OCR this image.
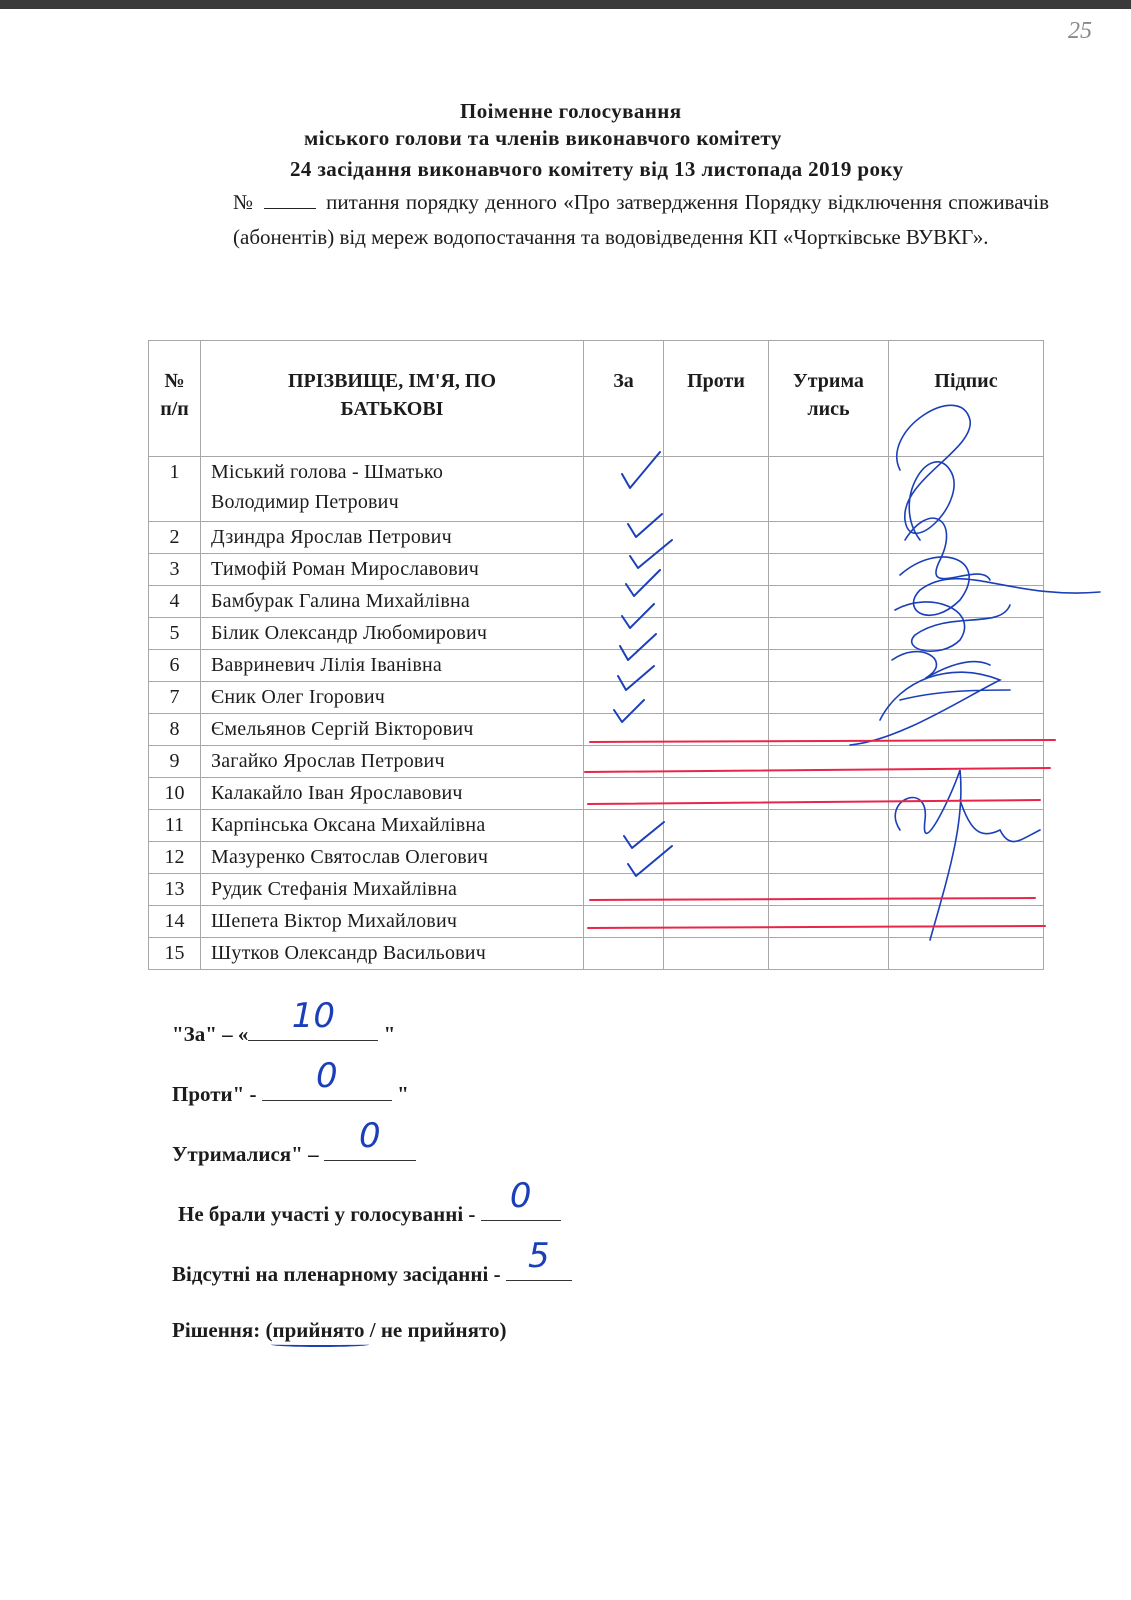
25
Поіменне голосування
міського голови та членів виконавчого комітету
24 засідання виконавчого комітету від 13 листопада 2019 року
№	питання порядку денного «Про затвердження Порядку відключення споживачів (абонентів) від мереж водопостачання та водовідведення КП «Чортківське ВУВКГ».
№ п/п	ПРІЗВИЩЕ, ІМ'Я, ПО БАТЬКОВІ	За	Проти	Утрима лись	Підпис
1	Міський голова - Шматько Володимир Петрович				
2	Дзиндра Ярослав Петрович				
3	Тимофій Роман Мирославович				
4	Бамбурак Галина Михайлівна				
5	Білик Олександр Любомирович				
6	Вавриневич Лілія Іванівна				
7	Єник Олег Ігорович				
8	Ємельянов Сергій Вікторович				
9	Загайко Ярослав Петрович				
10	Калакайло Іван Ярославович				
11	Карпінська Оксана Михайлівна				
12	Мазуренко Святослав Олегович				
13	Рудик Стефанія Михайлівна				
14	Шепета Віктор Михайлович				
15	Шутков Олександр Васильович				
"За" – «	10	"
Проти" -	0	"
Утрималися" –	0
Не брали участі у голосуванні -	0
Відсутні на пленарному засіданні - 5
Рішення: (прийнято / не прийнято)
